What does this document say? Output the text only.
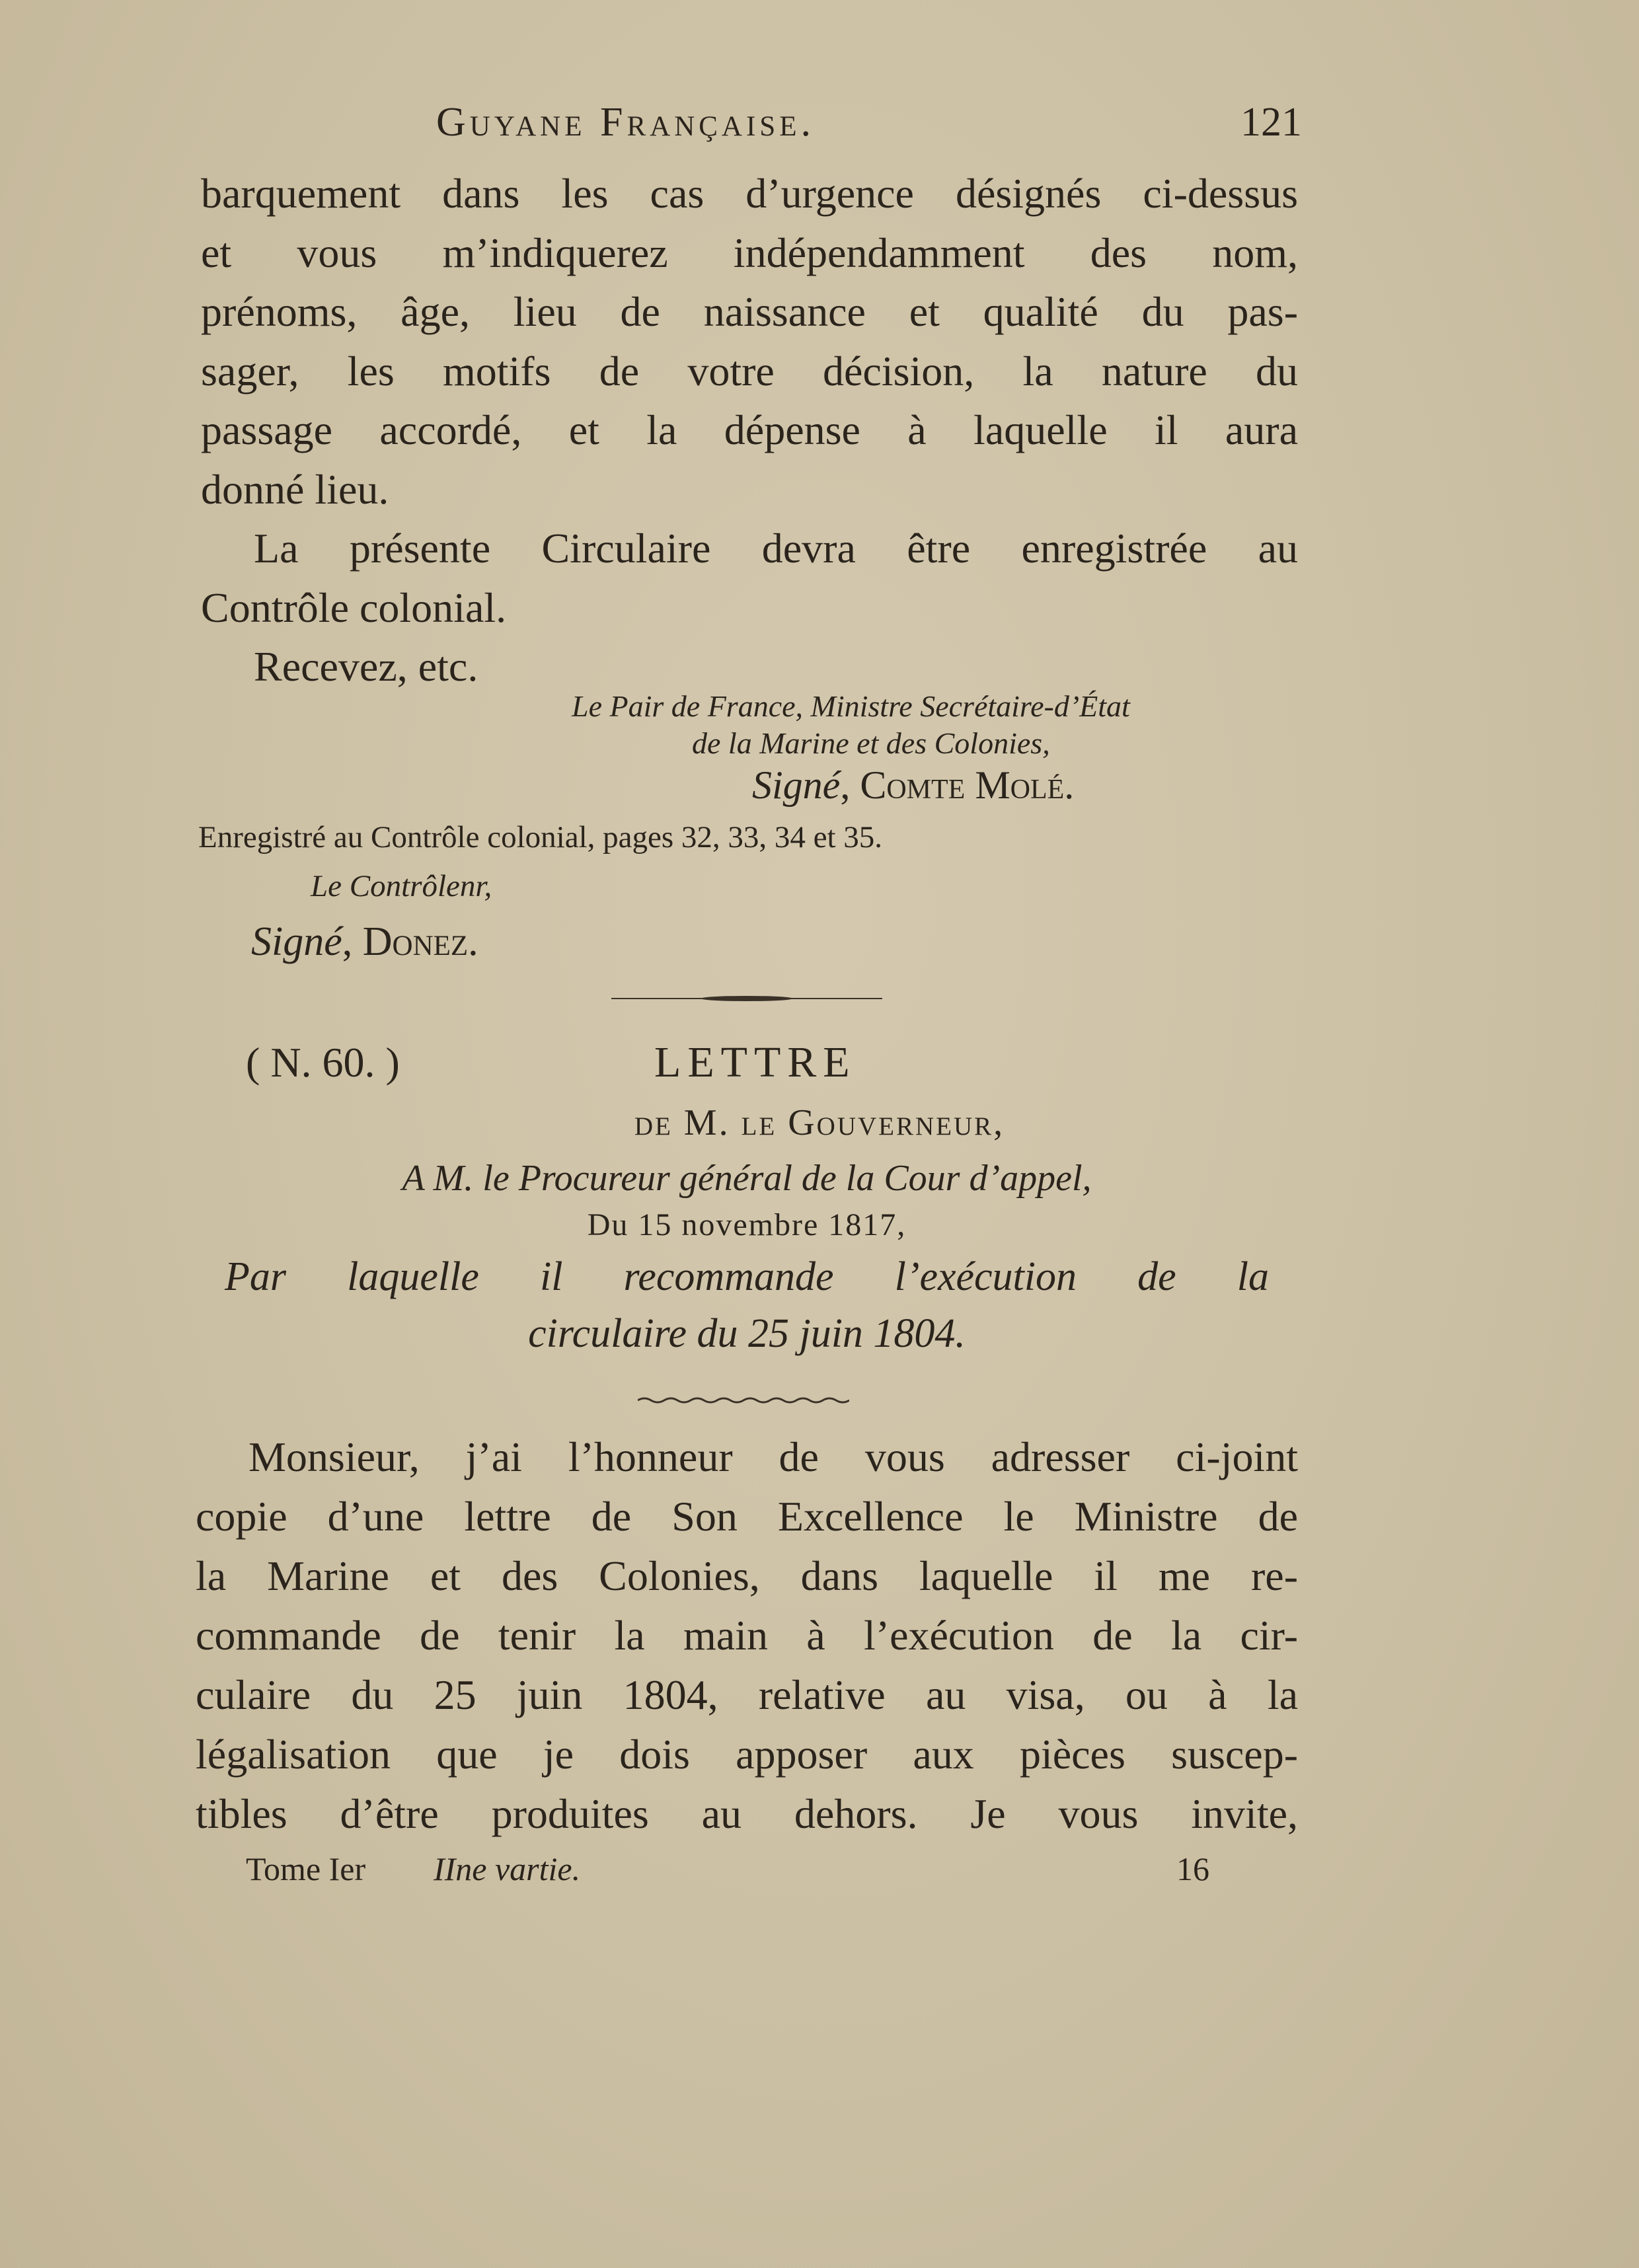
Guyane Française.	121

barquement dans les cas d’urgence désignés ci-dessus
et vous m’indiquerez indépendamment des nom,
prénoms, âge, lieu de naissance et qualité du pas-
sager, les motifs de votre décision, la nature du
passage accordé, et la dépense à laquelle il aura
donné lieu.

La présente Circulaire devra être enregistrée au
Contrôle colonial.

Recevez, etc.

Le Pair de France, Ministre Secrétaire-d’État
de la Marine et des Colonies,
Signé, Comte Molé.
Enregistré au Contrôle colonial, pages 32, 33, 34 et 35.
Le Contrôlenr,
Signé, Donez.
( N. 60. )	LETTRE
de M. le Gouverneur,
A M. le Procureur général de la Cour d’appel,
Du 15 novembre 1817,
Par laquelle il recommande l’exécution de la
circulaire du 25 juin 1804.

Monsieur, j’ai l’honneur de vous adresser ci-joint
copie d’une lettre de Son Excellence le Ministre de
la Marine et des Colonies, dans laquelle il me re-
commande de tenir la main à l’exécution de la cir-
culaire du 25 juin 1804, relative au visa, ou à la
légalisation que je dois apposer aux pièces suscep-
tibles d’être produites au dehors. Je vous invite,

Tome Ier IIne vartie.	16
